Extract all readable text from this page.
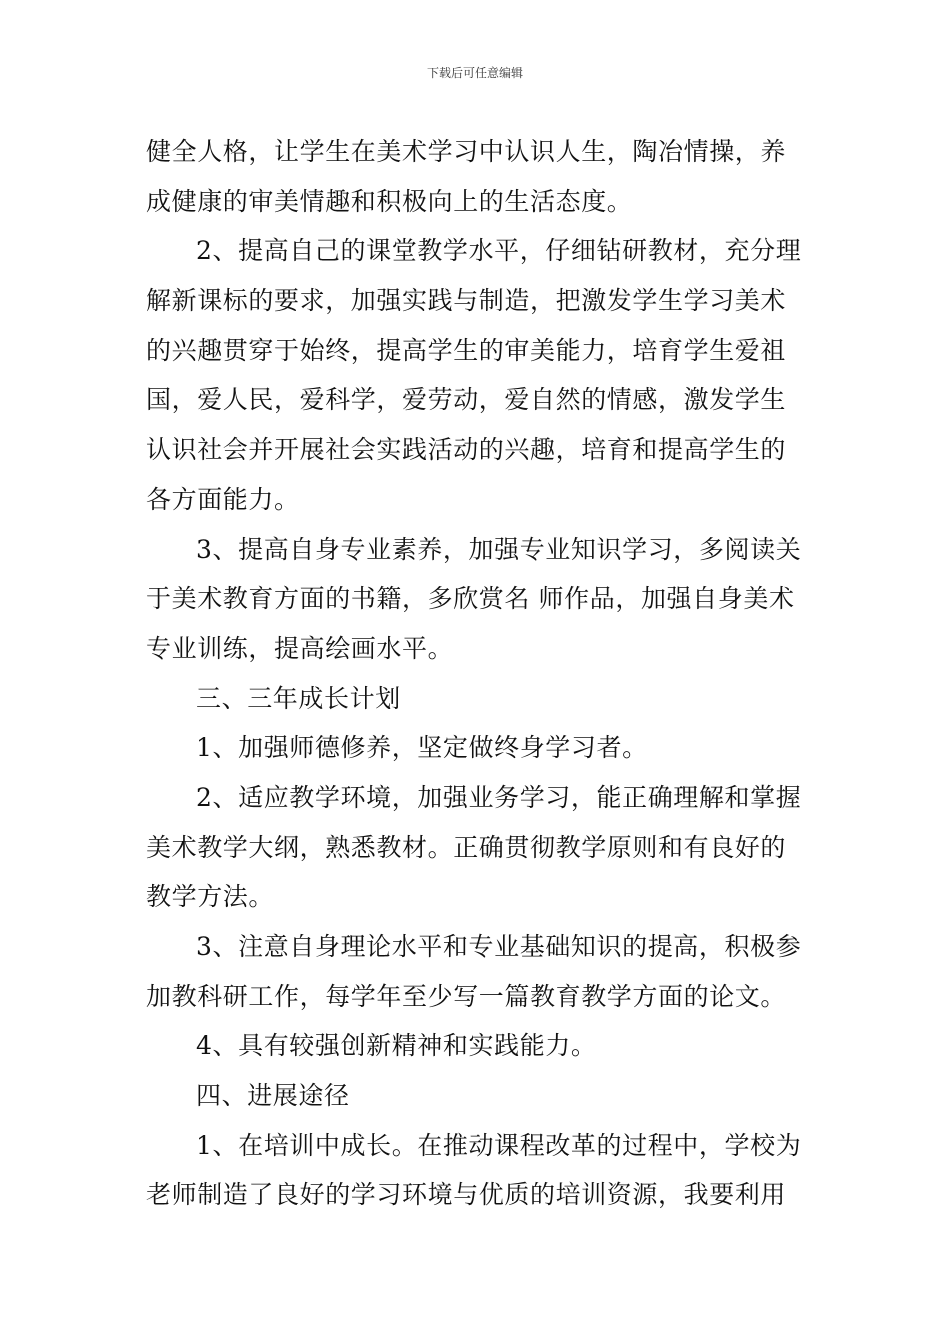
下载后可任意编辑
健全人格，让学生在美术学习中认识人生，陶冶情操，养
成健康的审美情趣和积极向上的生活态度。
2、提高自己的课堂教学水平，仔细钻研教材，充分理
解新课标的要求，加强实践与制造，把激发学生学习美术
的兴趣贯穿于始终，提高学生的审美能力，培育学生爱祖
国，爱人民，爱科学，爱劳动，爱自然的情感，激发学生
认识社会并开展社会实践活动的兴趣，培育和提高学生的
各方面能力。
3、提高自身专业素养，加强专业知识学习，多阅读关
于美术教育方面的书籍，多欣赏名 师作品，加强自身美术
专业训练，提高绘画水平。
三、三年成长计划
1、加强师德修养，坚定做终身学习者。
2、适应教学环境，加强业务学习，能正确理解和掌握
美术教学大纲，熟悉教材。正确贯彻教学原则和有良好的
教学方法。
3、注意自身理论水平和专业基础知识的提高，积极参
加教科研工作，每学年至少写一篇教育教学方面的论文。
4、具有较强创新精神和实践能力。
四、进展途径
1、在培训中成长。在推动课程改革的过程中，学校为
老师制造了良好的学习环境与优质的培训资源，我要利用
